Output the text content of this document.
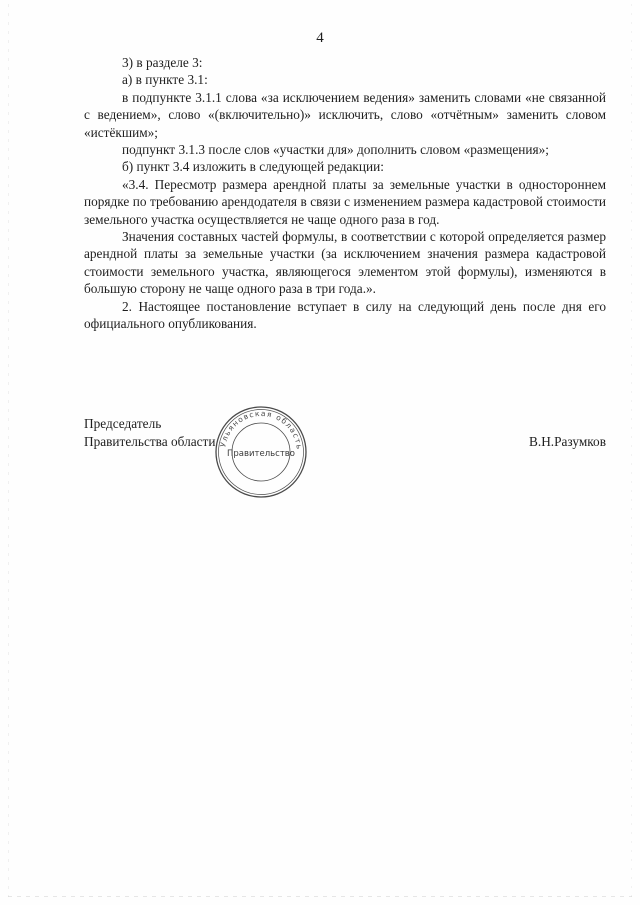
4

3) в разделе 3:

а) в пункте 3.1:

в подпункте 3.1.1 слова «за исключением ведения» заменить словами «не связанной с ведением», слово «(включительно)» исключить, слово «отчётным» заменить словом «истёкшим»;

подпункт 3.1.3 после слов «участки для» дополнить словом «размещения»;

б) пункт 3.4 изложить в следующей редакции:

«3.4. Пересмотр размера арендной платы за земельные участки в одностороннем порядке по требованию арендодателя в связи с изменением размера кадастровой стоимости земельного участка осуществляется не чаще одного раза в год.

Значения составных частей формулы, в соответствии с которой определяется размер арендной платы за земельные участки (за исключением значения размера кадастровой стоимости земельного участка, являющегося элементом этой формулы), изменяются в большую сторону не чаще одного раза в три года.».

2. Настоящее постановление вступает в силу на следующий день после дня его официального опубликования.

Председатель

Правительства области	В.Н.Разумков
Ульяновская область
Правительство
